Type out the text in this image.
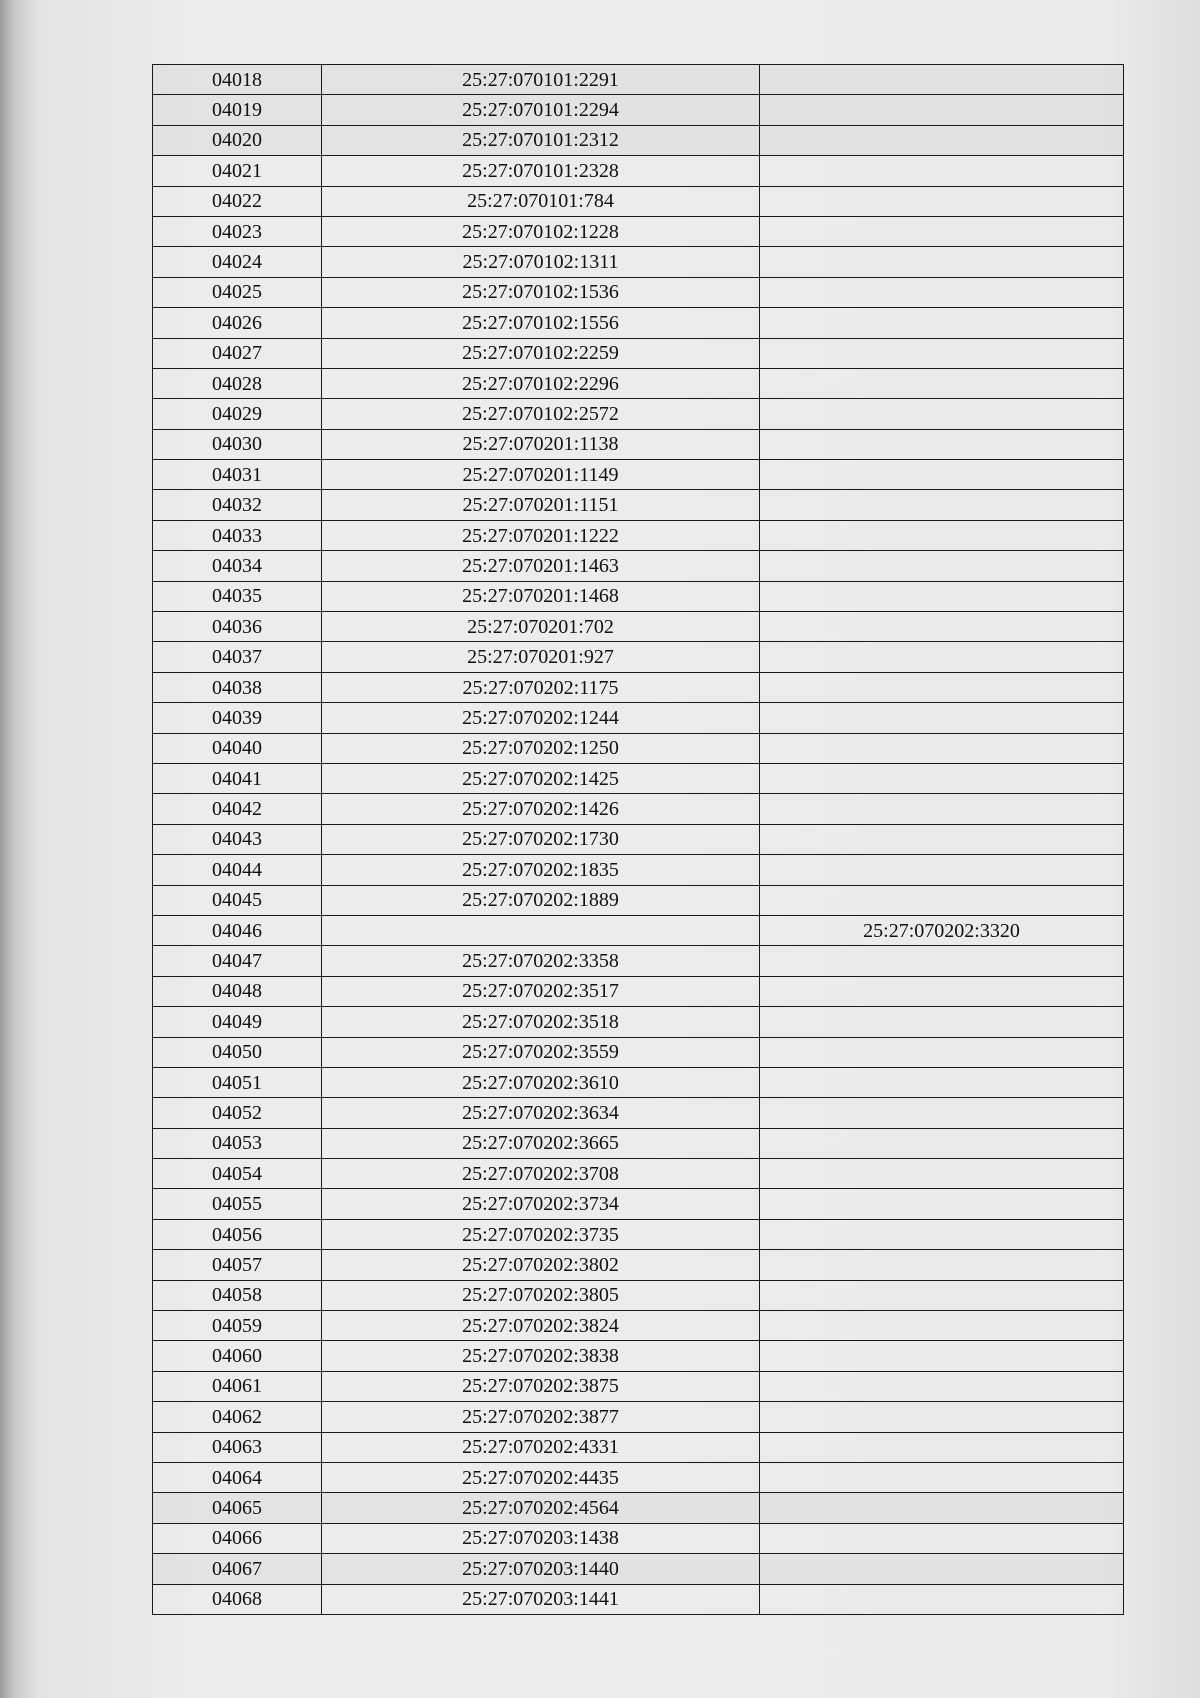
04018	25:27:070101:2291	
04019	25:27:070101:2294	
04020	25:27:070101:2312	
04021	25:27:070101:2328	
04022	25:27:070101:784	
04023	25:27:070102:1228	
04024	25:27:070102:1311	
04025	25:27:070102:1536	
04026	25:27:070102:1556	
04027	25:27:070102:2259	
04028	25:27:070102:2296	
04029	25:27:070102:2572	
04030	25:27:070201:1138	
04031	25:27:070201:1149	
04032	25:27:070201:1151	
04033	25:27:070201:1222	
04034	25:27:070201:1463	
04035	25:27:070201:1468	
04036	25:27:070201:702	
04037	25:27:070201:927	
04038	25:27:070202:1175	
04039	25:27:070202:1244	
04040	25:27:070202:1250	
04041	25:27:070202:1425	
04042	25:27:070202:1426	
04043	25:27:070202:1730	
04044	25:27:070202:1835	
04045	25:27:070202:1889	
04046		25:27:070202:3320
04047	25:27:070202:3358	
04048	25:27:070202:3517	
04049	25:27:070202:3518	
04050	25:27:070202:3559	
04051	25:27:070202:3610	
04052	25:27:070202:3634	
04053	25:27:070202:3665	
04054	25:27:070202:3708	
04055	25:27:070202:3734	
04056	25:27:070202:3735	
04057	25:27:070202:3802	
04058	25:27:070202:3805	
04059	25:27:070202:3824	
04060	25:27:070202:3838	
04061	25:27:070202:3875	
04062	25:27:070202:3877	
04063	25:27:070202:4331	
04064	25:27:070202:4435	
04065	25:27:070202:4564	
04066	25:27:070203:1438	
04067	25:27:070203:1440	
04068	25:27:070203:1441	
